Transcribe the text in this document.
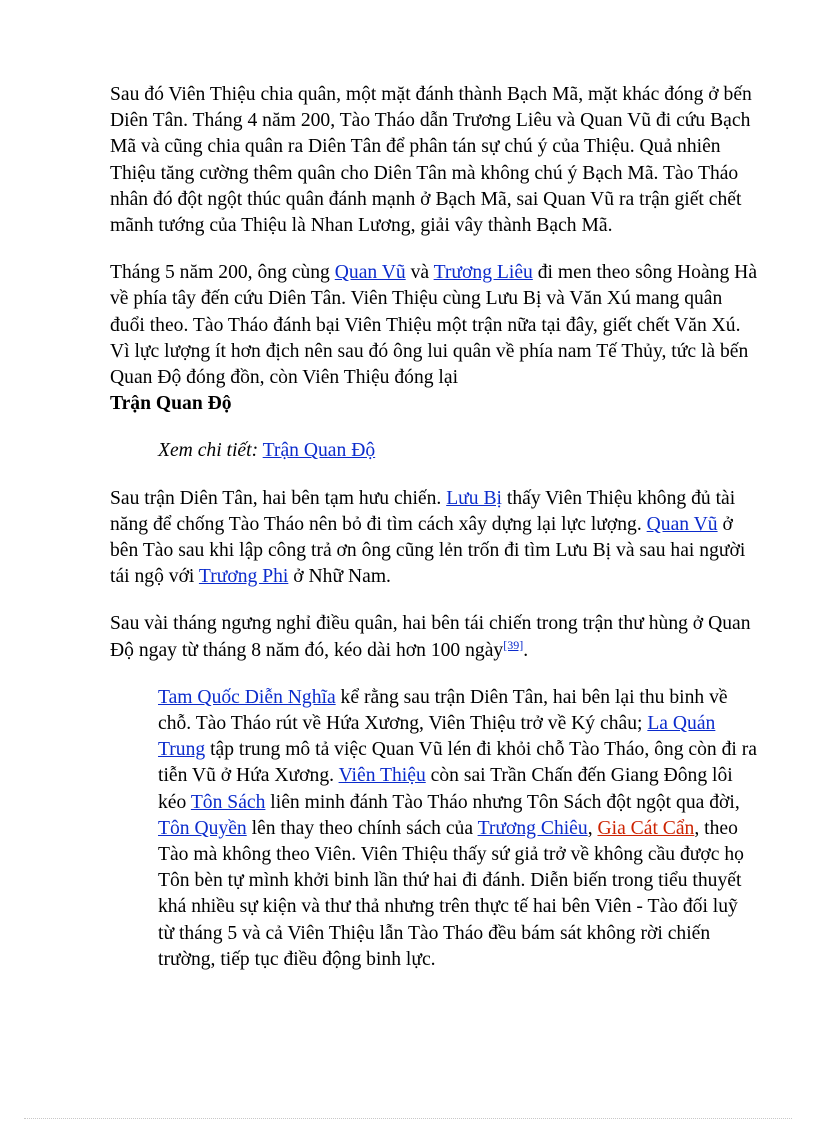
Sau đó Viên Thiệu chia quân, một mặt đánh thành Bạch Mã, mặt khác đóng ở bến Diên Tân. Tháng 4 năm 200, Tào Tháo dẫn Trương Liêu và Quan Vũ đi cứu Bạch Mã và cũng chia quân ra Diên Tân để phân tán sự chú ý của Thiệu. Quả nhiên Thiệu tăng cường thêm quân cho Diên Tân mà không chú ý Bạch Mã. Tào Tháo nhân đó đột ngột thúc quân đánh mạnh ở Bạch Mã, sai Quan Vũ ra trận giết chết mãnh tướng của Thiệu là Nhan Lương, giải vây thành Bạch Mã.

Tháng 5 năm 200, ông cùng Quan Vũ và Trương Liêu đi men theo sông Hoàng Hà về phía tây đến cứu Diên Tân. Viên Thiệu cùng Lưu Bị và Văn Xú mang quân đuổi theo. Tào Tháo đánh bại Viên Thiệu một trận nữa tại đây, giết chết Văn Xú. Vì lực lượng ít hơn địch nên sau đó ông lui quân về phía nam Tế Thủy, tức là bến Quan Độ đóng đồn, còn Viên Thiệu đóng lại
Trận Quan Độ

Xem chi tiết: Trận Quan Độ

Sau trận Diên Tân, hai bên tạm hưu chiến. Lưu Bị thấy Viên Thiệu không đủ tài năng để chống Tào Tháo nên bỏ đi tìm cách xây dựng lại lực lượng. Quan Vũ ở bên Tào sau khi lập công trả ơn ông cũng lẻn trốn đi tìm Lưu Bị và sau hai người tái ngộ với Trương Phi ở Nhữ Nam.

Sau vài tháng ngưng nghỉ điều quân, hai bên tái chiến trong trận thư hùng ở Quan Độ ngay từ tháng 8 năm đó, kéo dài hơn 100 ngày[39].

Tam Quốc Diễn Nghĩa kể rằng sau trận Diên Tân, hai bên lại thu binh về chỗ. Tào Tháo rút về Hứa Xương, Viên Thiệu trở về Ký châu; La Quán Trung tập trung mô tả việc Quan Vũ lén đi khỏi chỗ Tào Tháo, ông còn đi ra tiễn Vũ ở Hứa Xương. Viên Thiệu còn sai Trần Chấn đến Giang Đông lôi kéo Tôn Sách liên minh đánh Tào Tháo nhưng Tôn Sách đột ngột qua đời, Tôn Quyền lên thay theo chính sách của Trương Chiêu, Gia Cát Cẩn, theo Tào mà không theo Viên. Viên Thiệu thấy sứ giả trở về không cầu được họ Tôn bèn tự mình khởi binh lần thứ hai đi đánh. Diễn biến trong tiểu thuyết khá nhiều sự kiện và thư thả nhưng trên thực tế hai bên Viên - Tào đối luỹ từ tháng 5 và cả Viên Thiệu lẫn Tào Tháo đều bám sát không rời chiến trường, tiếp tục điều động binh lực.
